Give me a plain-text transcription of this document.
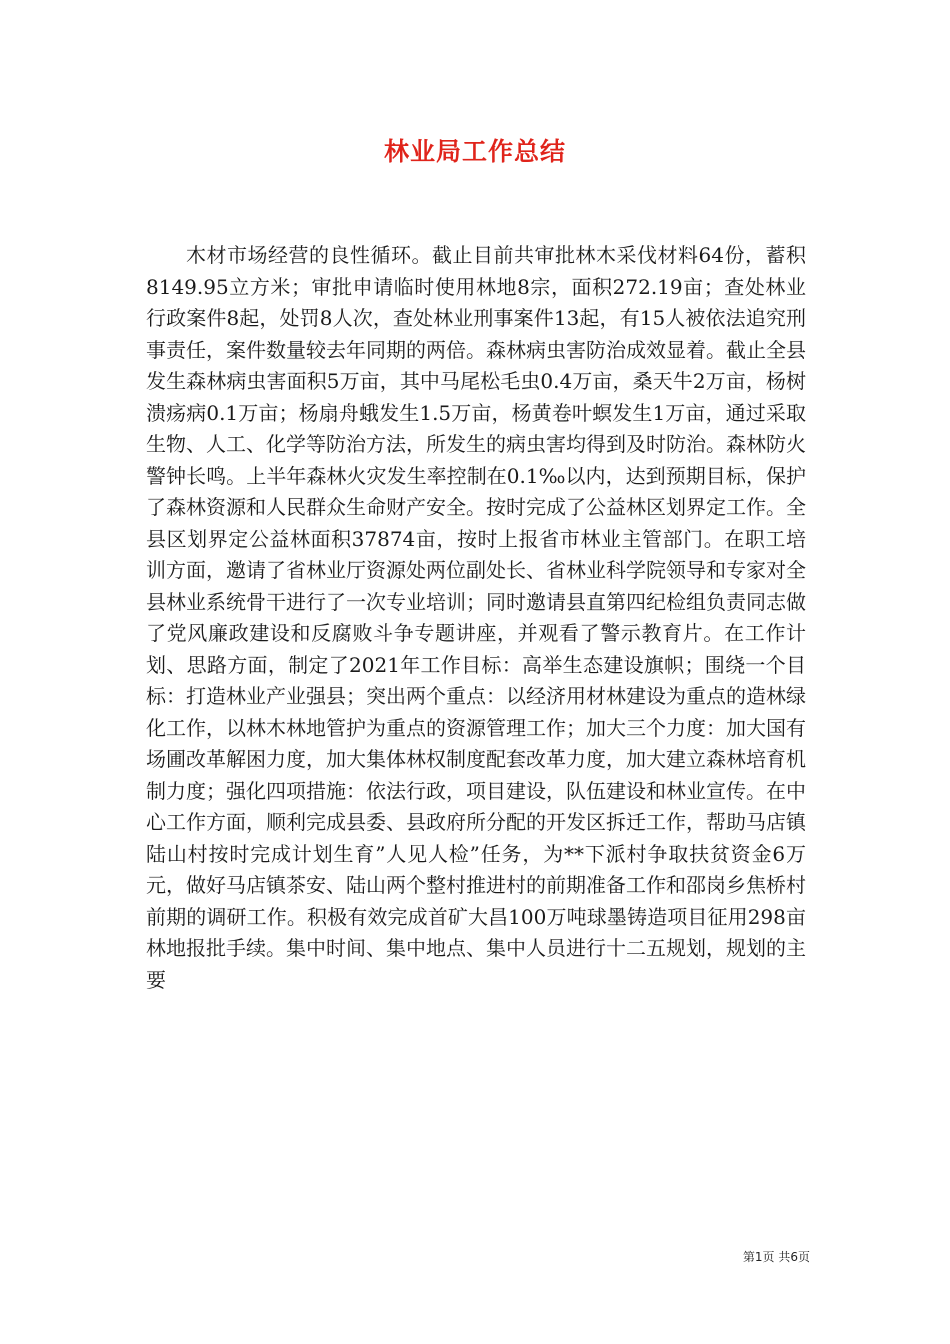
林业局工作总结

木材市场经营的良性循环。截止目前共审批林木采伐材料64份，蓄积8149.95立方米；审批申请临时使用林地8宗，面积272.19亩；查处林业行政案件8起，处罚8人次，查处林业刑事案件13起，有15人被依法追究刑事责任，案件数量较去年同期的两倍。森林病虫害防治成效显着。截止全县发生森林病虫害面积5万亩，其中马尾松毛虫0.4万亩，桑天牛2万亩，杨树溃疡病0.1万亩；杨扇舟蛾发生1.5万亩，杨黄卷叶螟发生1万亩，通过采取生物、人工、化学等防治方法，所发生的病虫害均得到及时防治。森林防火警钟长鸣。上半年森林火灾发生率控制在0.1‰以内，达到预期目标，保护了森林资源和人民群众生命财产安全。按时完成了公益林区划界定工作。全县区划界定公益林面积37874亩，按时上报省市林业主管部门。在职工培训方面，邀请了省林业厅资源处两位副处长、省林业科学院领导和专家对全县林业系统骨干进行了一次专业培训；同时邀请县直第四纪检组负责同志做了党风廉政建设和反腐败斗争专题讲座，并观看了警示教育片。在工作计划、思路方面，制定了2021年工作目标：高举生态建设旗帜；围绕一个目标：打造林业产业强县；突出两个重点：以经济用材林建设为重点的造林绿化工作，以林木林地管护为重点的资源管理工作；加大三个力度：加大国有场圃改革解困力度，加大集体林权制度配套改革力度，加大建立森林培育机制力度；强化四项措施：依法行政，项目建设，队伍建设和林业宣传。在中心工作方面，顺利完成县委、县政府所分配的开发区拆迁工作，帮助马店镇陆山村按时完成计划生育”人见人检”任务，为**下派村争取扶贫资金6万元，做好马店镇茶安、陆山两个整村推进村的前期准备工作和邵岗乡焦桥村前期的调研工作。积极有效完成首矿大昌100万吨球墨铸造项目征用298亩林地报批手续。集中时间、集中地点、集中人员进行十二五规划，规划的主要

第1页 共6页
